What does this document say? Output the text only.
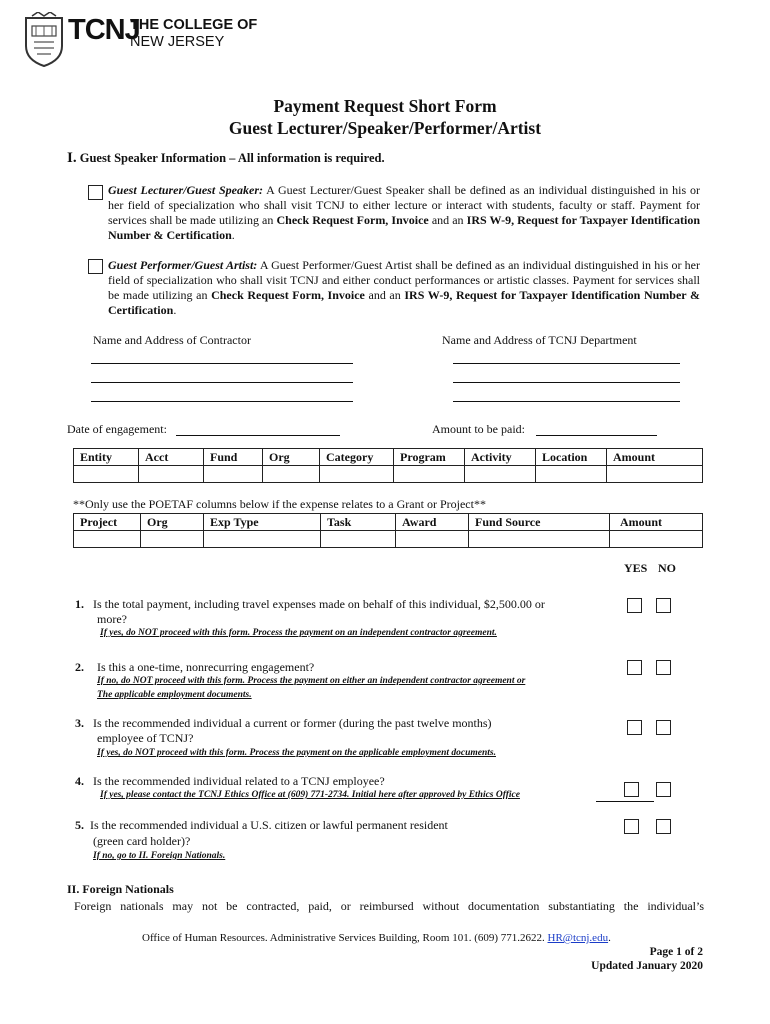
TCNJ
THE COLLEGE OF
NEW JERSEY
Payment Request Short Form
Guest Lecturer/Speaker/Performer/Artist
I. Guest Speaker Information – All information is required.
Guest Lecturer/Guest Speaker: A Guest Lecturer/Guest Speaker shall be defined as an individual distinguished in his or her field of specialization who shall visit TCNJ to either lecture or interact with students, faculty or staff. Payment for services shall be made utilizing an Check Request Form, Invoice and an IRS W-9, Request for Taxpayer Identification Number & Certification.
Guest Performer/Guest Artist: A Guest Performer/Guest Artist shall be defined as an individual distinguished in his or her field of specialization who shall visit TCNJ and either conduct performances or artistic classes. Payment for services shall be made utilizing an Check Request Form, Invoice and an IRS W-9, Request for Taxpayer Identification Number & Certification.
Name and Address of Contractor	Name and Address of TCNJ Department
Date of engagement:	Amount to be paid:
Entity	Acct	Fund	Org	Category	Program	Activity	Location	Amount

**Only use the POETAF columns below if the expense relates to a Grant or Project**
Project	Org	Exp Type	Task	Award	Fund Source	Amount

YES NO
1. Is the total payment, including travel expenses made on behalf of this individual, $2,500.00 or
more?
If yes, do NOT proceed with this form. Process the payment on an independent contractor agreement.
2. Is this a one-time, nonrecurring engagement?
If no, do NOT proceed with this form. Process the payment on either an independent contractor agreement or
The applicable employment documents.
3. Is the recommended individual a current or former (during the past twelve months)
employee of TCNJ?
If yes, do NOT proceed with this form. Process the payment on the applicable employment documents.
4. Is the recommended individual related to a TCNJ employee?
If yes, please contact the TCNJ Ethics Office at (609) 771-2734. Initial here after approved by Ethics Office
5. Is the recommended individual a U.S. citizen or lawful permanent resident
(green card holder)?
If no, go to II. Foreign Nationals.
II. Foreign Nationals
Foreign nationals may not be contracted, paid, or reimbursed without documentation substantiating the individual’s
Office of Human Resources. Administrative Services Building, Room 101. (609) 771.2622. HR@tcnj.edu.
Page 1 of 2
Updated January 2020
